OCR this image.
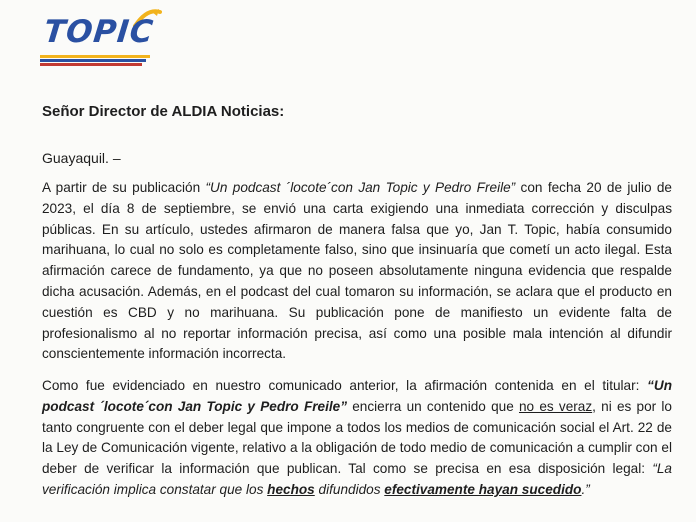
TOPIC
Señor Director de ALDIA Noticias:
Guayaquil. –

A partir de su publicación “Un podcast ´locote´con Jan Topic y Pedro Freile” con fecha 20 de julio de 2023, el día 8 de septiembre, se envió una carta exigiendo una inmediata corrección y disculpas públicas. En su artículo, ustedes afirmaron de manera falsa que yo, Jan T. Topic, había consumido marihuana, lo cual no solo es completamente falso, sino que insinuaría que cometí un acto ilegal. Esta afirmación carece de fundamento, ya que no poseen absolutamente ninguna evidencia que respalde dicha acusación. Además, en el podcast del cual tomaron su información, se aclara que el producto en cuestión es CBD y no marihuana. Su publicación pone de manifiesto un evidente falta de profesionalismo al no reportar información precisa, así como una posible mala intención al difundir conscientemente información incorrecta.

Como fue evidenciado en nuestro comunicado anterior, la afirmación contenida en el titular: “Un podcast ´locote´con Jan Topic y Pedro Freile” encierra un contenido que no es veraz, ni es por lo tanto congruente con el deber legal que impone a todos los medios de comunicación social el Art. 22 de la Ley de Comunicación vigente, relativo a la obligación de todo medio de comunicación a cumplir con el deber de verificar la información que publican. Tal como se precisa en esa disposición legal: “La verificación implica constatar que los hechos difundidos efectivamente hayan sucedido.”
